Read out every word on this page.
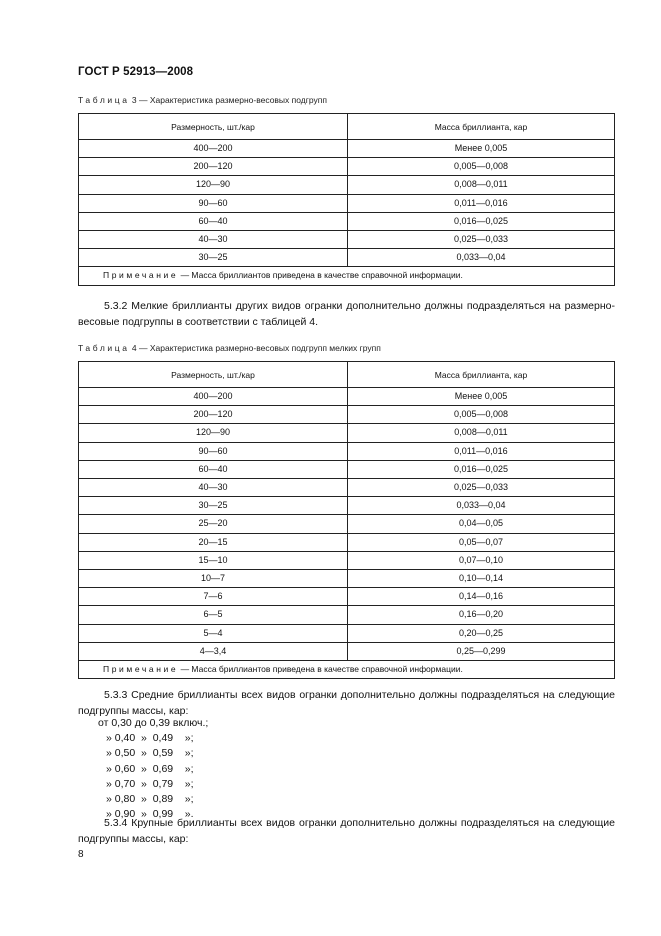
ГОСТ Р 52913—2008
Таблица 3 — Характеристика размерно-весовых подгрупп
Размерность, шт./кар	Масса бриллианта, кар
400—200	Менее 0,005
200—120	0,005—0,008
120—90	0,008—0,011
90—60	0,011—0,016
60—40	0,016—0,025
40—30	0,025—0,033
30—25	0,033—0,04
Примечание — Масса бриллиантов приведена в качестве справочной информации.	
5.3.2 Мелкие бриллианты других видов огранки дополнительно должны подразделяться на размерно-весовые подгруппы в соответствии с таблицей 4.
Таблица 4 — Характеристика размерно-весовых подгрупп мелких групп
Размерность, шт./кар	Масса бриллианта, кар
400—200	Менее 0,005
200—120	0,005—0,008
120—90	0,008—0,011
90—60	0,011—0,016
60—40	0,016—0,025
40—30	0,025—0,033
30—25	0,033—0,04
25—20	0,04—0,05
20—15	0,05—0,07
15—10	0,07—0,10
10—7	0,10—0,14
7—6	0,14—0,16
6—5	0,16—0,20
5—4	0,20—0,25
4—3,4	0,25—0,299
Примечание — Масса бриллиантов приведена в качестве справочной информации.	
5.3.3 Средние бриллианты всех видов огранки дополнительно должны подразделяться на следующие подгруппы массы, кар:
от 0,30 до 0,39 включ.;
» 0,40  »  0,49    »;
» 0,50  »  0,59    »;
» 0,60  »  0,69    »;
» 0,70  »  0,79    »;
» 0,80  »  0,89    »;
» 0,90  »  0,99    ».
5.3.4 Крупные бриллианты всех видов огранки дополнительно должны подразделяться на следующие подгруппы массы, кар:
8
